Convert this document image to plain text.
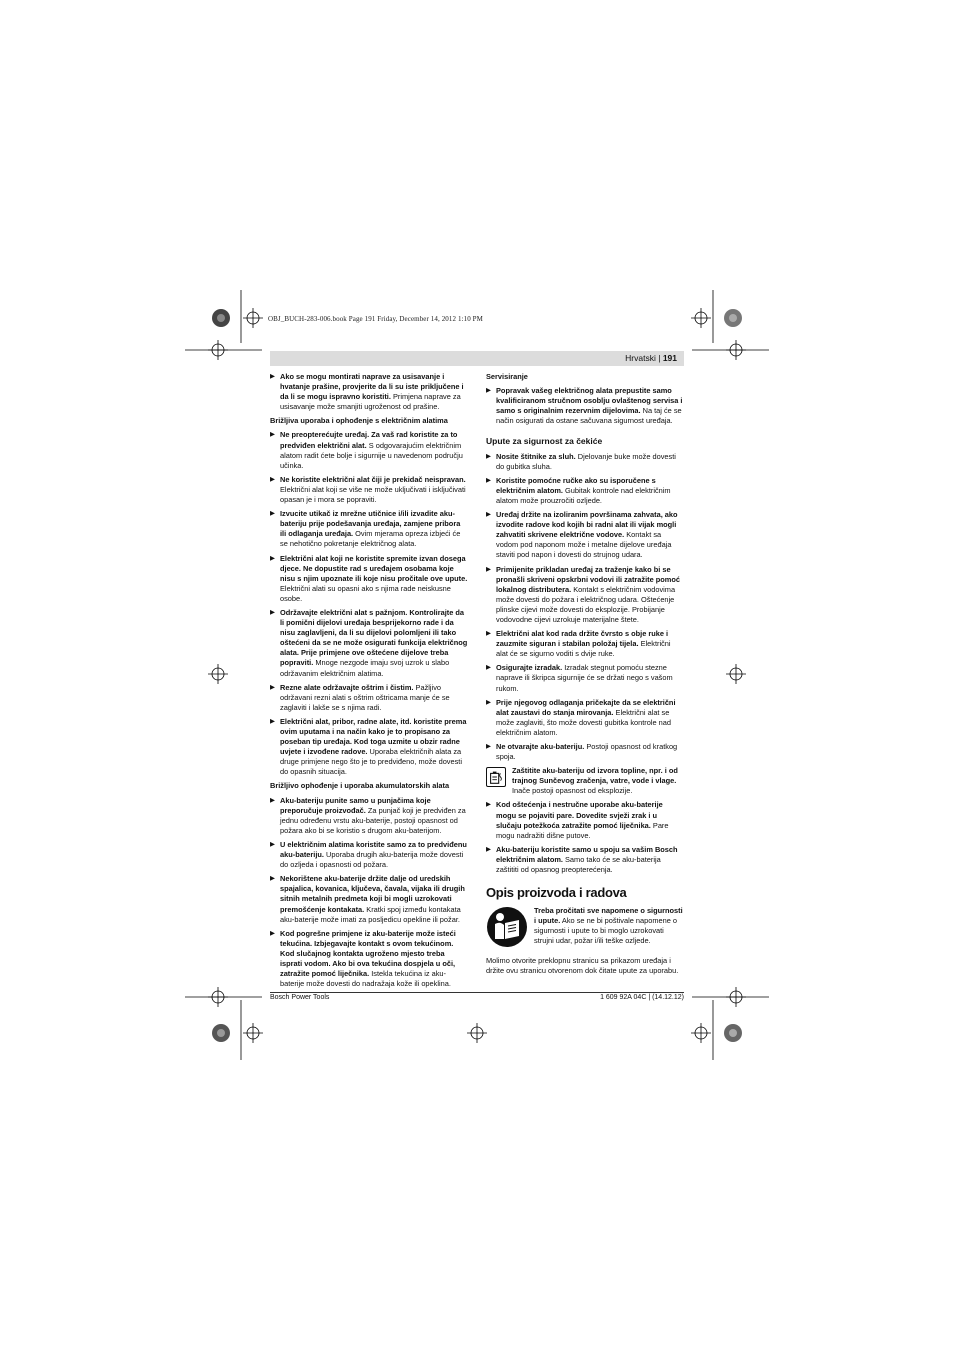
OBJ_BUCH-283-006.book Page 191 Friday, December 14, 2012 1:10 PM
Hrvatski | 191
▶ Ako se mogu montirati naprave za usisavanje i hvatanje prašine, provjerite da li su iste priključene i da li se mogu ispravno koristiti. Primjena naprave za usisavanje može smanjiti ugroženost od prašine.
Brižljiva uporaba i ophođenje s električnim alatima
▶ Ne preopterećujte uređaj. Za vaš rad koristite za to predviđen električni alat. S odgovarajućim električnim alatom radit ćete bolje i sigurnije u navedenom području učinka.
▶ Ne koristite električni alat čiji je prekidač neispravan. Električni alat koji se više ne može uključivati i isključivati opasan je i mora se popraviti.
▶ Izvucite utikač iz mrežne utičnice i/ili izvadite aku-bateriju prije podešavanja uređaja, zamjene pribora ili odlaganja uređaja. Ovim mjerama opreza izbjeći će se nehotično pokretanje električnog alata.
▶ Električni alat koji ne koristite spremite izvan dosega djece. Ne dopustite rad s uređajem osobama koje nisu s njim upoznate ili koje nisu pročitale ove upute. Električni alati su opasni ako s njima rade neiskusne osobe.
▶ Održavajte električni alat s pažnjom. Kontrolirajte da li pomični dijelovi uređaja besprijekorno rade i da nisu zaglavljeni, da li su dijelovi polomljeni ili tako oštećeni da se ne može osigurati funkcija električnog alata. Prije primjene ove oštećene dijelove treba popraviti. Mnoge nezgode imaju svoj uzrok u slabo održavanim električnim alatima.
▶ Rezne alate održavajte oštrim i čistim. Pažljivo održavani rezni alati s oštrim oštricama manje će se zaglaviti i lakše se s njima radi.
▶ Električni alat, pribor, radne alate, itd. koristite prema ovim uputama i na način kako je to propisano za poseban tip uređaja. Kod toga uzmite u obzir radne uvjete i izvođene radove. Uporaba električnih alata za druge primjene nego što je to predviđeno, može dovesti do opasnih situacija.
Brižljivo ophođenje i uporaba akumulatorskih alata
▶ Aku-bateriju punite samo u punjačima koje preporučuje proizvođač. Za punjač koji je predviđen za jednu određenu vrstu aku-baterije, postoji opasnost od požara ako bi se koristio s drugom aku-baterijom.
▶ U električnim alatima koristite samo za to predviđenu aku-bateriju. Uporaba drugih aku-baterija može dovesti do ozljeda i opasnosti od požara.
▶ Nekorištene aku-baterije držite dalje od uredskih spajalica, kovanica, ključeva, čavala, vijaka ili drugih sitnih metalnih predmeta koji bi mogli uzrokovati premošćenje kontakata. Kratki spoj između kontakata aku-baterije može imati za posljedicu opekline ili požar.
▶ Kod pogrešne primjene iz aku-baterije može isteći tekućina. Izbjegavajte kontakt s ovom tekućinom. Kod slučajnog kontakta ugroženo mjesto treba isprati vodom. Ako bi ova tekućina dospjela u oči, zatražite pomoć liječnika. Istekla tekućina iz aku-baterije može dovesti do nadražaja kože ili opeklina.
Servisiranje
▶ Popravak vašeg električnog alata prepustite samo kvalificiranom stručnom osoblju ovlaštenog servisa i samo s originalnim rezervnim dijelovima. Na taj će se način osigurati da ostane sačuvana sigurnost uređaja.
Upute za sigurnost za čekiće
▶ Nosite štitnike za sluh. Djelovanje buke može dovesti do gubitka sluha.
▶ Koristite pomoćne ručke ako su isporučene s električnim alatom. Gubitak kontrole nad električnim alatom može prouzročiti ozljede.
▶ Uređaj držite na izoliranim površinama zahvata, ako izvodite radove kod kojih bi radni alat ili vijak mogli zahvatiti skrivene električne vodove. Kontakt sa vodom pod naponom može i metalne dijelove uređaja staviti pod napon i dovesti do strujnog udara.
▶ Primijenite prikladan uređaj za traženje kako bi se pronašli skriveni opskrbni vodovi ili zatražite pomoć lokalnog distributera. Kontakt s električnim vodovima može dovesti do požara i električnog udara. Oštećenje plinske cijevi može dovesti do eksplozije. Probijanje vodovodne cijevi uzrokuje materijalne štete.
▶ Električni alat kod rada držite čvrsto s obje ruke i zauzmite siguran i stabilan položaj tijela. Električni alat će se sigurno voditi s dvije ruke.
▶ Osigurajte izradak. Izradak stegnut pomoću stezne naprave ili škripca sigurnije će se držati nego s vašom rukom.
▶ Prije njegovog odlaganja pričekajte da se električni alat zaustavi do stanja mirovanja. Električni alat se može zaglaviti, što može dovesti gubitka kontrole nad električnim alatom.
▶ Ne otvarajte aku-bateriju. Postoji opasnost od kratkog spoja.
Zaštitite aku-bateriju od izvora topline, npr. i od trajnog Sunčevog zračenja, vatre, vode i vlage. Inače postoji opasnost od eksplozije.
▶ Kod oštećenja i nestručne uporabe aku-baterije mogu se pojaviti pare. Dovedite svježi zrak i u slučaju potežkoća zatražite pomoć liječnika. Pare mogu nadražiti dišne putove.
▶ Aku-bateriju koristite samo u spoju sa vašim Bosch električnim alatom. Samo tako će se aku-baterija zaštititi od opasnog preopterećenja.
Opis proizvoda i radova
Treba pročitati sve napomene o sigurnosti i upute. Ako se ne bi poštivale napomene o sigurnosti i upute to bi moglo uzrokovati strujni udar, požar i/ili teške ozljede.
Molimo otvorite preklopnu stranicu sa prikazom uređaja i držite ovu stranicu otvorenom dok čitate upute za uporabu.
Bosch Power Tools	1 609 92A 04C | (14.12.12)
